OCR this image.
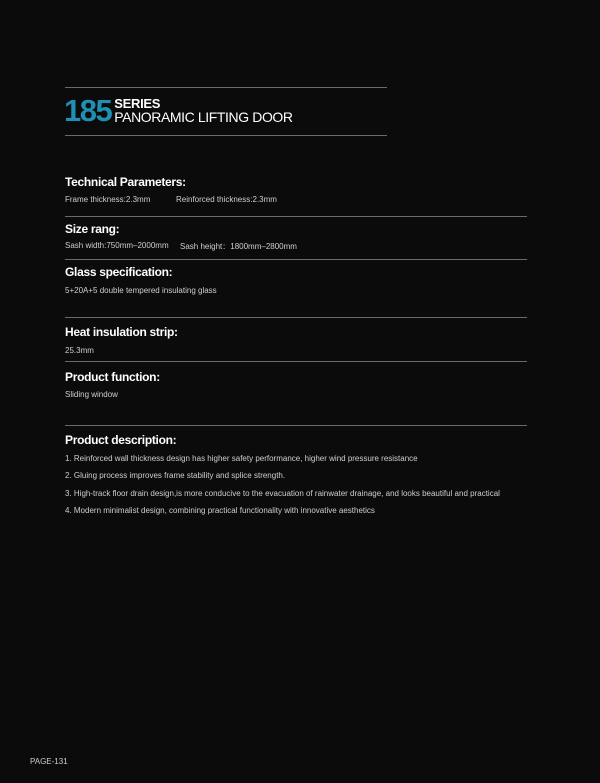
185 SERIES
PANORAMIC LIFTING DOOR
Technical Parameters:
Frame thickness:2.3mm	Reinforced thickness:2.3mm
Size rang:
Sash width:750mm–2000mm Sash height：1800mm–2800mm
Glass specification:
5+20A+5 double tempered insulating glass
Heat insulation strip:
25.3mm
Product function:
Sliding window
Product description:
1. Reinforced wall thickness design has higher safety performance, higher wind pressure resistance
2. Gluing process improves frame stability and splice strength.
3. High-track floor drain design,is more conducive to the evacuation of rainwater drainage, and looks beautiful and practical
4. Modern minimalist design, combining practical functionality with innovative aesthetics
PAGE-131
